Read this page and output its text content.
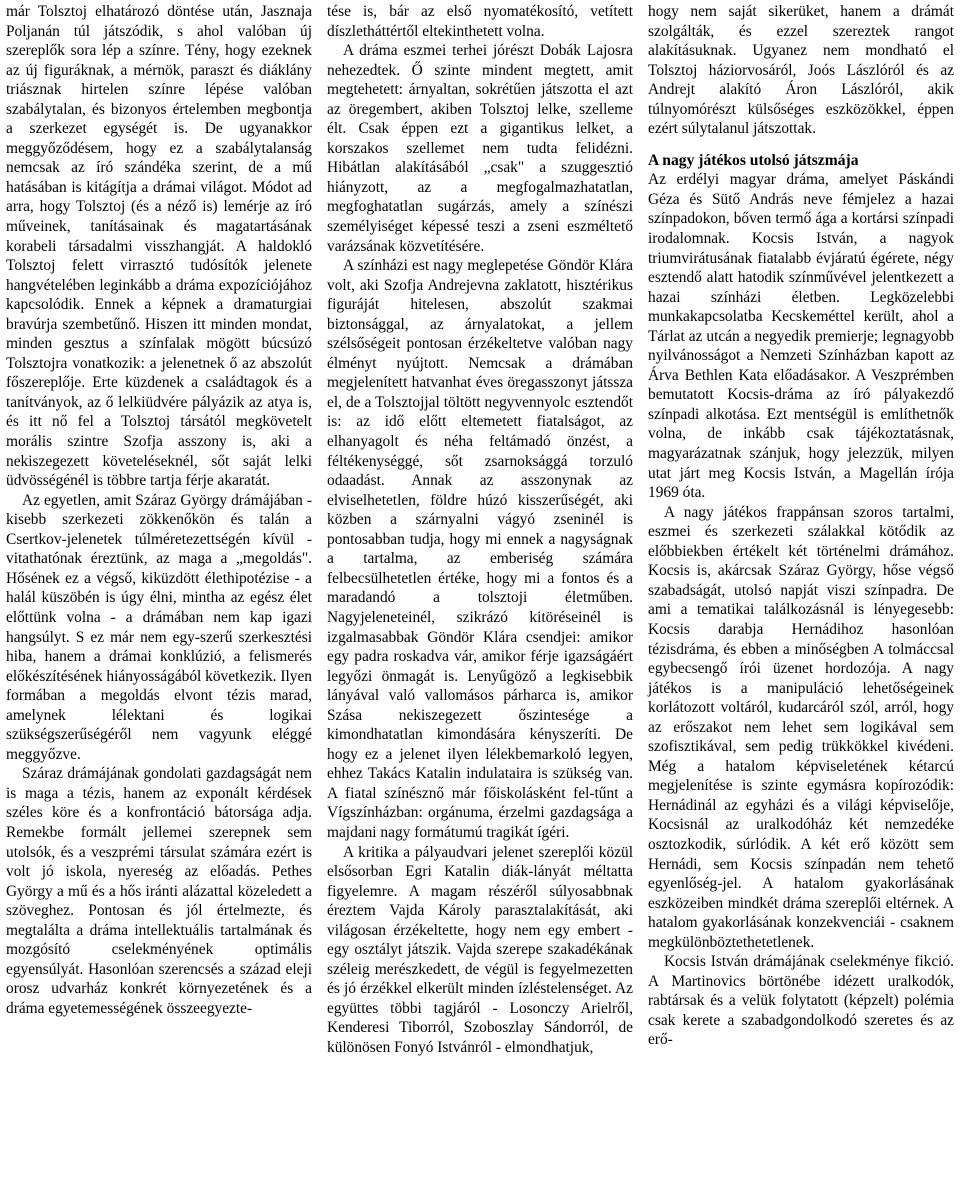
már Tolsztoj elhatározó döntése után, Jasznaja Poljanán túl játszódik, s ahol valóban új szereplők sora lép a színre. Tény, hogy ezeknek az új figuráknak, a mérnök, paraszt és diáklány triásznak hirtelen színre lépése valóban szabálytalan, és bizonyos értelemben megbontja a szerkezet egységét is. De ugyanakkor meggyőződésem, hogy ez a szabálytalanság nemcsak az író szándéka szerint, de a mű hatásában is kitágítja a drámai világot. Módot ad arra, hogy Tolsztoj (és a néző is) lemérje az író műveinek, tanításainak és magatartásának korabeli társadalmi visszhangját. A haldokló Tolsztoj felett virrasztó tudósítók jelenete hangvételében leginkább a dráma expozíciójához kapcsolódik. Ennek a képnek a dramaturgiai bravúrja szembetűnő. Hiszen itt minden mondat, minden gesztus a színfalak mögött búcsúzó Tolsztojra vonatkozik: a jelenetnek ő az abszolút főszereplője. Erte küzdenek a családtagok és a tanítványok, az ő lelkiüdvére pályázik az atya is, és itt nő fel a Tolsztoj társától megkövetelt morális szintre Szofja asszony is, aki a nekiszegezett követeléseknél, sőt saját lelki üdvösségénél is többre tartja férje akaratát.

Az egyetlen, amit Száraz György drámájában - kisebb szerkezeti zökkenőkön és talán a Csertkov-jelenetek túlméretezettségén kívül - vitathatónak éreztünk, az maga a „megoldás". Hősének ez a végső, kiküzdött élethipotézise - a halál küszöbén is úgy élni, mintha az egész élet előttünk volna - a drámában nem kap igazi hangsúlyt. S ez már nem egy-szerű szerkesztési hiba, hanem a drámai konklúzió, a felismerés előkészítésének hiányosságából következik. Ilyen formában a megoldás elvont tézis marad, amelynek lélektani és logikai szükségszerűségéről nem vagyunk eléggé meggyőzve.

Száraz drámájának gondolati gazdagságát nem is maga a tézis, hanem az exponált kérdések széles köre és a konfrontáció bátorsága adja. Remekbe formált jellemei szerepnek sem utolsók, és a veszprémi társulat számára ezért is volt jó iskola, nyereség az előadás. Pethes György a mű és a hős iránti alázattal közeledett a szöveghez. Pontosan és jól értelmezte, és megtalálta a dráma intellektuális tartalmának és mozgósító cselekményének optimális egyensúlyát. Hasonlóan szerencsés a század eleji orosz udvarház konkrét környezetének és a dráma egyetemességének összeegyezte-

tése is, bár az első nyomatékosító, vetített díszletháttértől eltekinthetett volna.

A dráma eszmei terhei jórészt Dobák Lajosra nehezedtek. Ő szinte mindent megtett, amit megtehetett: árnyaltan, sokrétűen játszotta el azt az öregembert, akiben Tolsztoj lelke, szelleme élt. Csak éppen ezt a gigantikus lelket, a korszakos szellemet nem tudta felidézni. Hibátlan alakításából „csak" a szuggesztió hiányzott, az a megfogalmazhatatlan, megfoghatatlan sugárzás, amely a színészi személyiséget képessé teszi a zseni eszméltető varázsának közvetítésére.

A színházi est nagy meglepetése Göndör Klára volt, aki Szofja Andrejevna zaklatott, hisztérikus figuráját hitelesen, abszolút szakmai biztonsággal, az árnyalatokat, a jellem szélsőségeit pontosan érzékeltetve valóban nagy élményt nyújtott. Nemcsak a drámában megjelenített hatvanhat éves öregasszonyt játssza el, de a Tolsztojjal töltött negyvennyolc esztendőt is: az idő előtt eltemetett fiatalságot, az elhanyagolt és néha feltámadó önzést, a féltékenységgé, sőt zsarnoksággá torzuló odaadást. Annak az asszonynak az elviselhetetlen, földre húzó kisszerűségét, aki közben a szárnyalni vágyó zseninél is pontosabban tudja, hogy mi ennek a nagyságnak a tartalma, az emberiség számára felbecsülhetetlen értéke, hogy mi a fontos és a maradandó a tolsztoji életműben. Nagyjeleneteinél, szikrázó kitöréseinél is izgalmasabbak Göndör Klára csendjei: amikor egy padra roskadva vár, amikor férje igazságáért legyőzi önmagát is. Lenyűgöző a legkisebbik lányával való vallomásos párharca is, amikor Szása nekiszegezett őszintesége a kimondhatatlan kimondására kényszeríti. De hogy ez a jelenet ilyen lélekbemarkoló legyen, ehhez Takács Katalin indulataira is szükség van. A fiatal színésznő már főiskolásként fel-tűnt a Vígszínházban: orgánuma, érzelmi gazdagsága a majdani nagy formátumú tragikát ígéri.

A kritika a pályaudvari jelenet szereplői közül elsősorban Egri Katalin diák-lányát méltatta figyelemre. A magam részéről súlyosabbnak éreztem Vajda Károly parasztalakítását, aki világosan érzékeltette, hogy nem egy embert - egy osztályt játszik. Vajda szerepe szakadékának széleig merészkedett, de végül is fegyelmezetten és jó érzékkel elkerült minden ízléstelenséget. Az együttes többi tagjáról - Losonczy Arielről, Kenderesi Tiborról, Szoboszlay Sándorról, de különösen Fonyó Istvánról - elmondhatjuk,

hogy nem saját sikerüket, hanem a drámát szolgálták, és ezzel szereztek rangot alakításuknak. Ugyanez nem mondható el Tolsztoj háziorvosáról, Joós Lászlóról és az Andrejt alakító Áron Lászlóról, akik túlnyomórészt külsőséges eszközökkel, éppen ezért súlytalanul játszottak.

A nagy játékos utolsó játszmája

Az erdélyi magyar dráma, amelyet Páskándi Géza és Sütő András neve fémjelez a hazai színpadokon, bőven termő ága a kortársi színpadi irodalomnak. Kocsis István, a nagyok triumvirátusának fiatalabb évjáratú égérete, négy esztendő alatt hatodik színművével jelentkezett a hazai színházi életben. Legközelebbi munkakapcsolatba Kecskeméttel került, ahol a Tárlat az utcán a negyedik premierje; legnagyobb nyilvánosságot a Nemzeti Színházban kapott az Árva Bethlen Kata előadásakor. A Veszprémben bemutatott Kocsis-dráma az író pályakezdő színpadi alkotása. Ezt mentségül is említhetnők volna, de inkább csak tájékoztatásnak, magyarázatnak szánjuk, hogy jelezzük, milyen utat járt meg Kocsis István, a Magellán írója 1969 óta.

A nagy játékos frappánsan szoros tartalmi, eszmei és szerkezeti szálakkal kötődik az előbbiekben értékelt két történelmi drámához. Kocsis is, akárcsak Száraz György, hőse végső szabadságát, utolsó napját viszi színpadra. De ami a tematikai találkozásnál is lényegesebb: Kocsis darabja Hernádihoz hasonlóan tézisdráma, és ebben a minőségben A tolmáccsal egybecsengő írói üzenet hordozója. A nagy játékos is a manipuláció lehetőségeinek korlátozott voltáról, kudarcáról szól, arról, hogy az erőszakot nem lehet sem logikával sem szofisztikával, sem pedig trükkökkel kivédeni. Még a hatalom képviseletének kétarcú megjelenítése is szinte egymásra kopírozódik: Hernádinál az egyházi és a világi képviselője, Kocsisnál az uralkodóház két nemzedéke osztozkodik, súrlódik. A két erő között sem Hernádi, sem Kocsis színpadán nem tehető egyenlőség-jel. A hatalom gyakorlásának eszközeiben mindkét dráma szereplői eltérnek. A hatalom gyakorlásának konzekvenciái - csaknem megkülönböztethetetlenek.

Kocsis István drámájának cselekménye fikció. A Martinovics börtönébe idézett uralkodók, rabtársak és a velük folytatott (képzelt) polémia csak kerete a szabadgondolkodó szeretes és az erő-
